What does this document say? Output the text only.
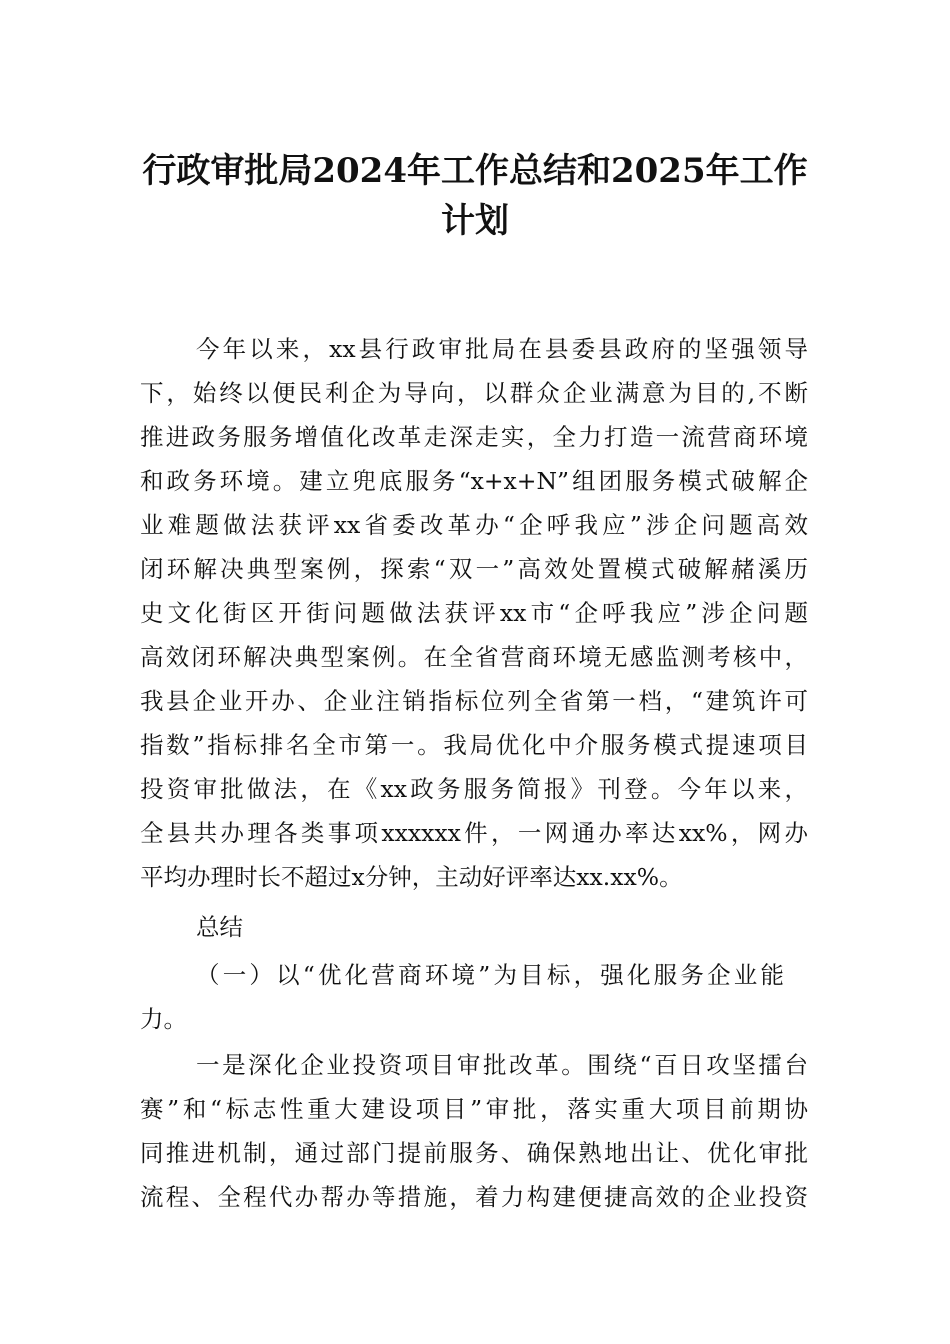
行政审批局2024年工作总结和2025年工作
计划

今年以来，xx县行政审批局在县委县政府的坚强领导

下，始终以便民利企为导向，以群众企业满意为目的,不断

推进政务服务增值化改革走深走实，全力打造一流营商环境

和政务环境。建立兜底服务“x+x+N”组团服务模式破解企

业难题做法获评xx省委改革办“企呼我应”涉企问题高效

闭环解决典型案例，探索“双一”高效处置模式破解赭溪历

史文化街区开街问题做法获评xx市“企呼我应”涉企问题

高效闭环解决典型案例。在全省营商环境无感监测考核中，

我县企业开办、企业注销指标位列全省第一档，“建筑许可

指数”指标排名全市第一。我局优化中介服务模式提速项目

投资审批做法，在《xx政务服务简报》刊登。今年以来，

全县共办理各类事项xxxxxx件，一网通办率达xx%，网办

平均办理时长不超过x分钟，主动好评率达xx.xx%。

总结

（一）以“优化营商环境”为目标，强化服务企业能

力。

一是深化企业投资项目审批改革。围绕“百日攻坚擂台

赛”和“标志性重大建设项目”审批，落实重大项目前期协

同推进机制，通过部门提前服务、确保熟地出让、优化审批

流程、全程代办帮办等措施，着力构建便捷高效的企业投资
